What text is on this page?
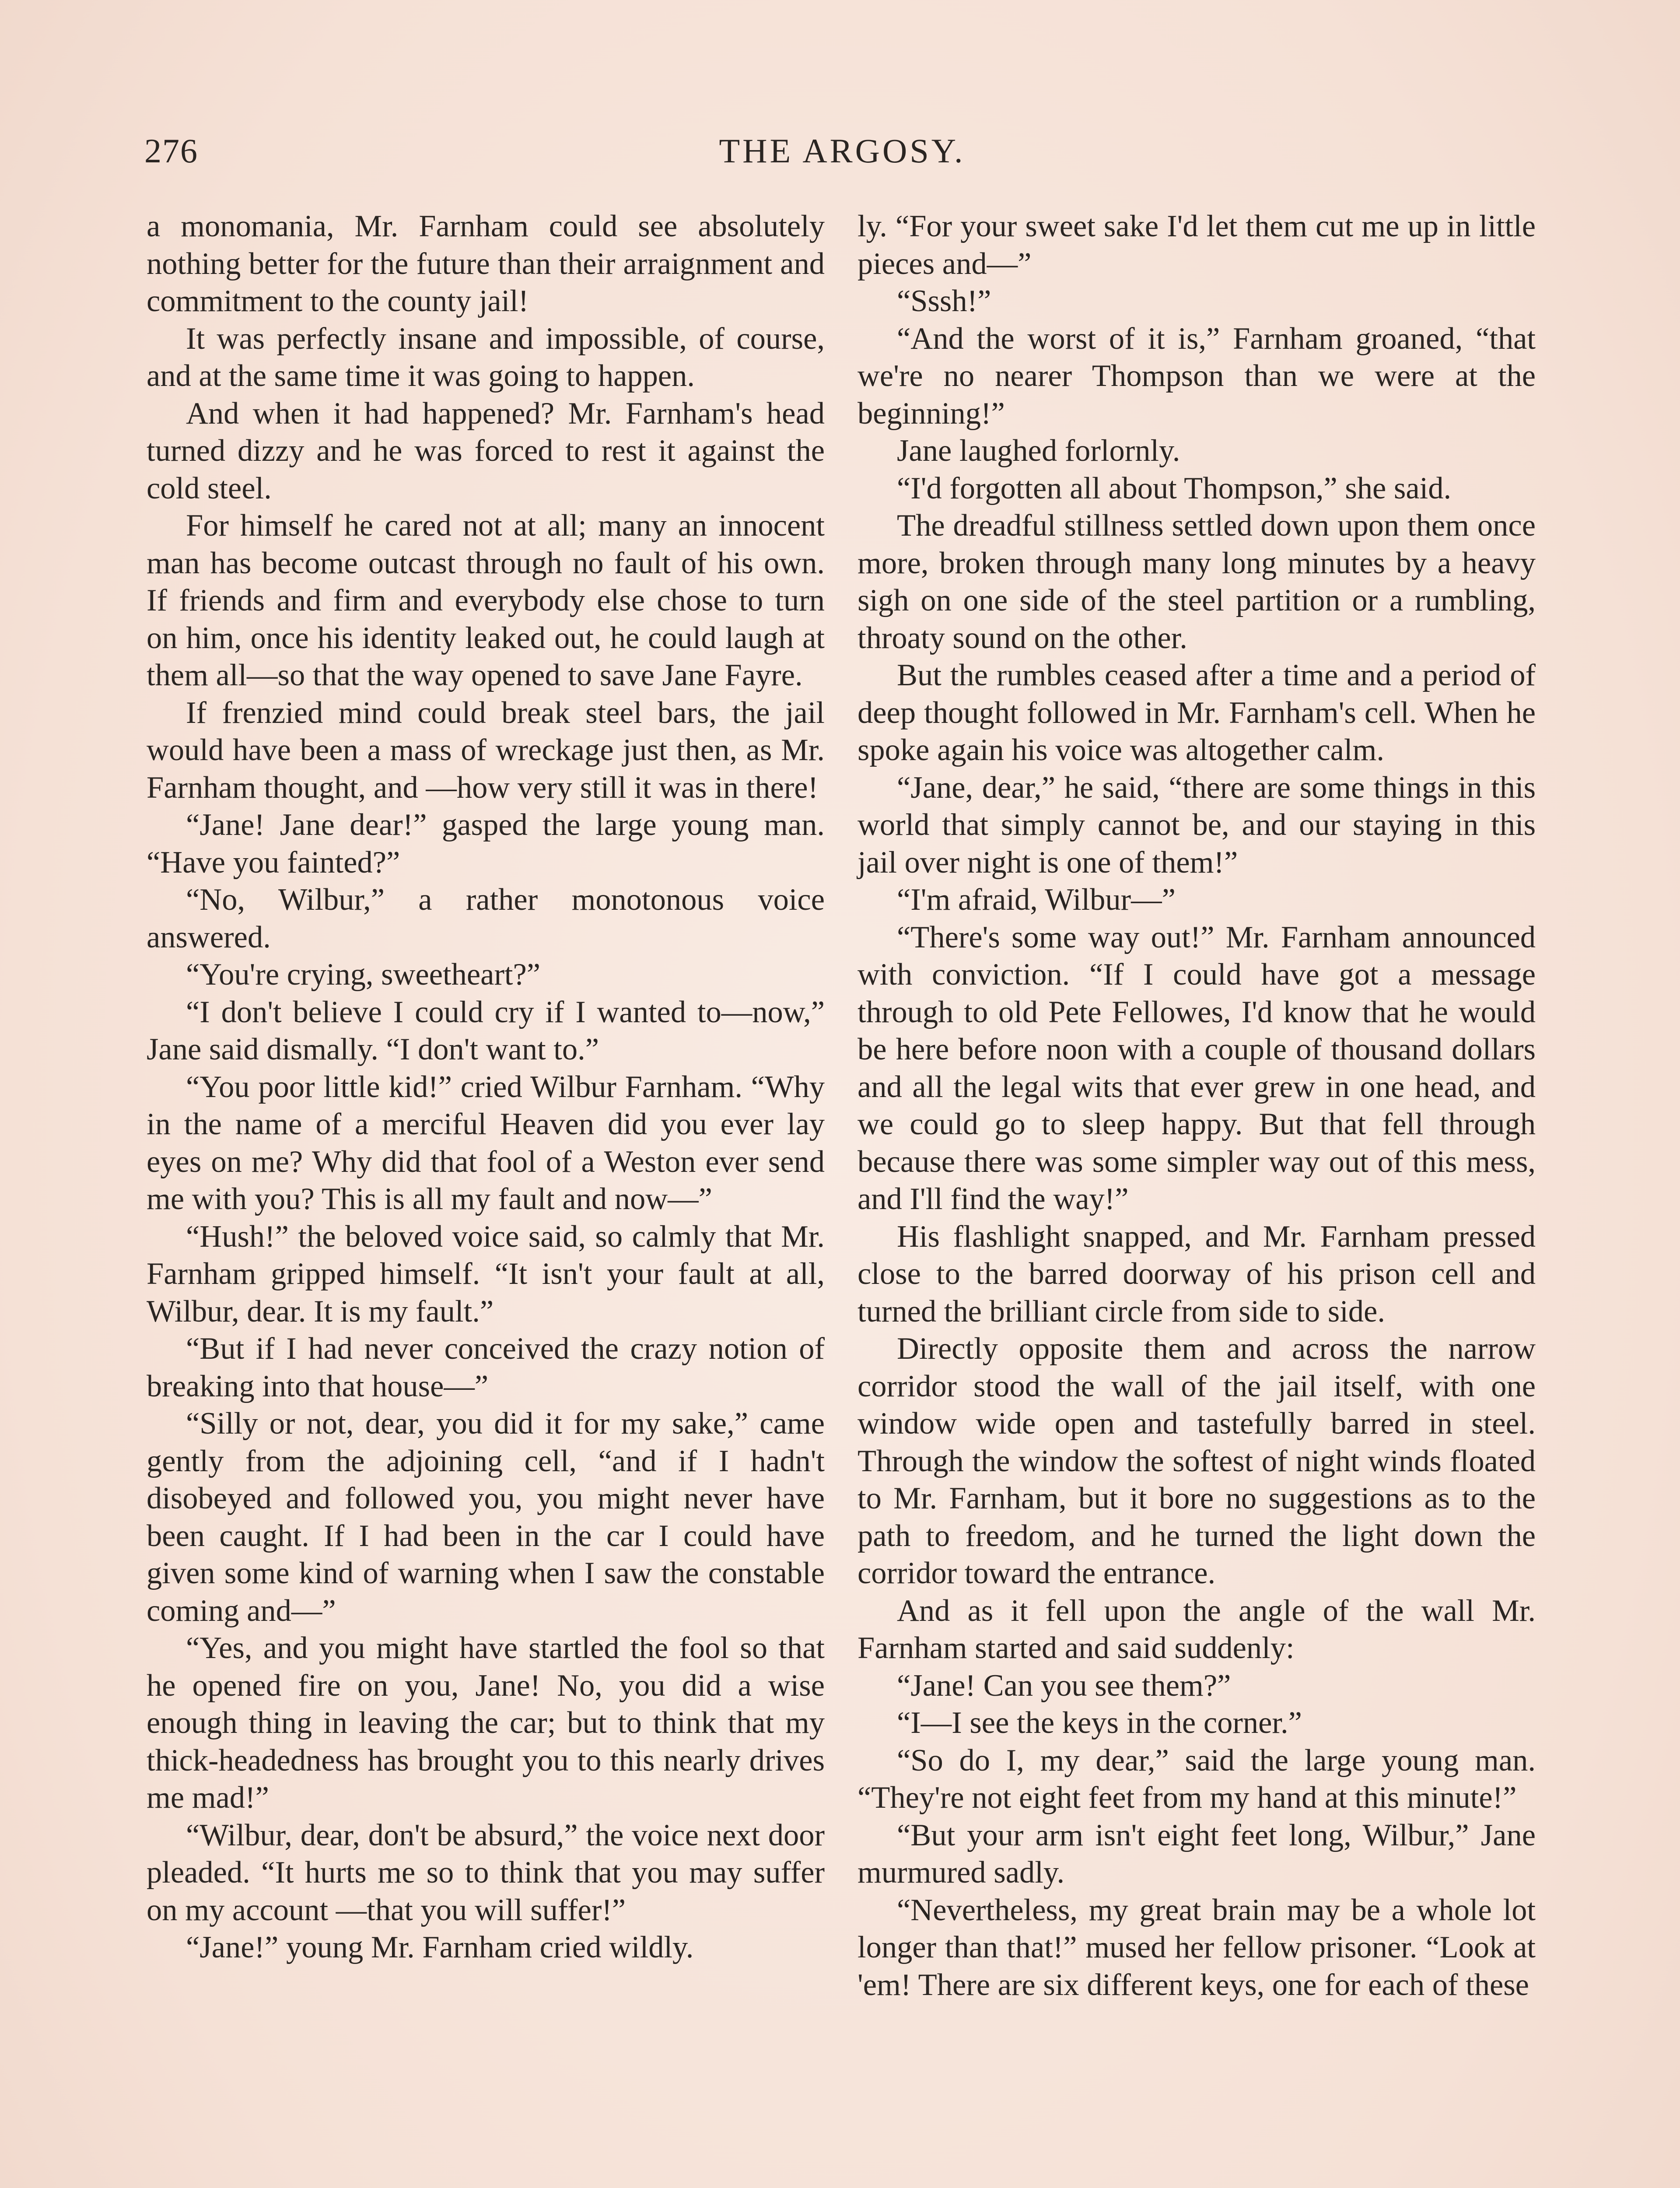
THE ARGOSY.
276

a monomania, Mr. Farnham could see absolutely nothing better for the future than their arraignment and commitment to the county jail!

It was perfectly insane and impossible, of course, and at the same time it was going to happen.

And when it had happened? Mr. Farnham's head turned dizzy and he was forced to rest it against the cold steel.

For himself he cared not at all; many an innocent man has become outcast through no fault of his own. If friends and firm and everybody else chose to turn on him, once his identity leaked out, he could laugh at them all—so that the way opened to save Jane Fayre.

If frenzied mind could break steel bars, the jail would have been a mass of wreckage just then, as Mr. Farnham thought, and —how very still it was in there!

“Jane! Jane dear!” gasped the large young man. “Have you fainted?”

“No, Wilbur,” a rather monotonous voice answered.

“You're crying, sweetheart?”

“I don't believe I could cry if I wanted to—now,” Jane said dismally. “I don't want to.”

“You poor little kid!” cried Wilbur Farnham. “Why in the name of a merciful Heaven did you ever lay eyes on me? Why did that fool of a Weston ever send me with you? This is all my fault and now—”

“Hush!” the beloved voice said, so calmly that Mr. Farnham gripped himself. “It isn't your fault at all, Wilbur, dear. It is my fault.”

“But if I had never conceived the crazy notion of breaking into that house—”

“Silly or not, dear, you did it for my sake,” came gently from the adjoining cell, “and if I hadn't disobeyed and followed you, you might never have been caught. If I had been in the car I could have given some kind of warning when I saw the constable coming and—”

“Yes, and you might have startled the fool so that he opened fire on you, Jane! No, you did a wise enough thing in leaving the car; but to think that my thick-headedness has brought you to this nearly drives me mad!”

“Wilbur, dear, don't be absurd,” the voice next door pleaded. “It hurts me so to think that you may suffer on my account —that you will suffer!”

“Jane!” young Mr. Farnham cried wildly.

ly. “For your sweet sake I'd let them cut me up in little pieces and—”

“Sssh!”

“And the worst of it is,” Farnham groaned, “that we're no nearer Thompson than we were at the beginning!”

Jane laughed forlornly.

“I'd forgotten all about Thompson,” she said.

The dreadful stillness settled down upon them once more, broken through many long minutes by a heavy sigh on one side of the steel partition or a rumbling, throaty sound on the other.

But the rumbles ceased after a time and a period of deep thought followed in Mr. Farnham's cell. When he spoke again his voice was altogether calm.

“Jane, dear,” he said, “there are some things in this world that simply cannot be, and our staying in this jail over night is one of them!”

“I'm afraid, Wilbur—”

“There's some way out!” Mr. Farnham announced with conviction. “If I could have got a message through to old Pete Fellowes, I'd know that he would be here before noon with a couple of thousand dollars and all the legal wits that ever grew in one head, and we could go to sleep happy. But that fell through because there was some simpler way out of this mess, and I'll find the way!”

His flashlight snapped, and Mr. Farnham pressed close to the barred doorway of his prison cell and turned the brilliant circle from side to side.

Directly opposite them and across the narrow corridor stood the wall of the jail itself, with one window wide open and tastefully barred in steel. Through the window the softest of night winds floated to Mr. Farnham, but it bore no suggestions as to the path to freedom, and he turned the light down the corridor toward the entrance.

And as it fell upon the angle of the wall Mr. Farnham started and said suddenly:

“Jane! Can you see them?”

“I—I see the keys in the corner.”

“So do I, my dear,” said the large young man. “They're not eight feet from my hand at this minute!”

“But your arm isn't eight feet long, Wilbur,” Jane murmured sadly.

“Nevertheless, my great brain may be a whole lot longer than that!” mused her fellow prisoner. “Look at 'em! There are six different keys, one for each of these
